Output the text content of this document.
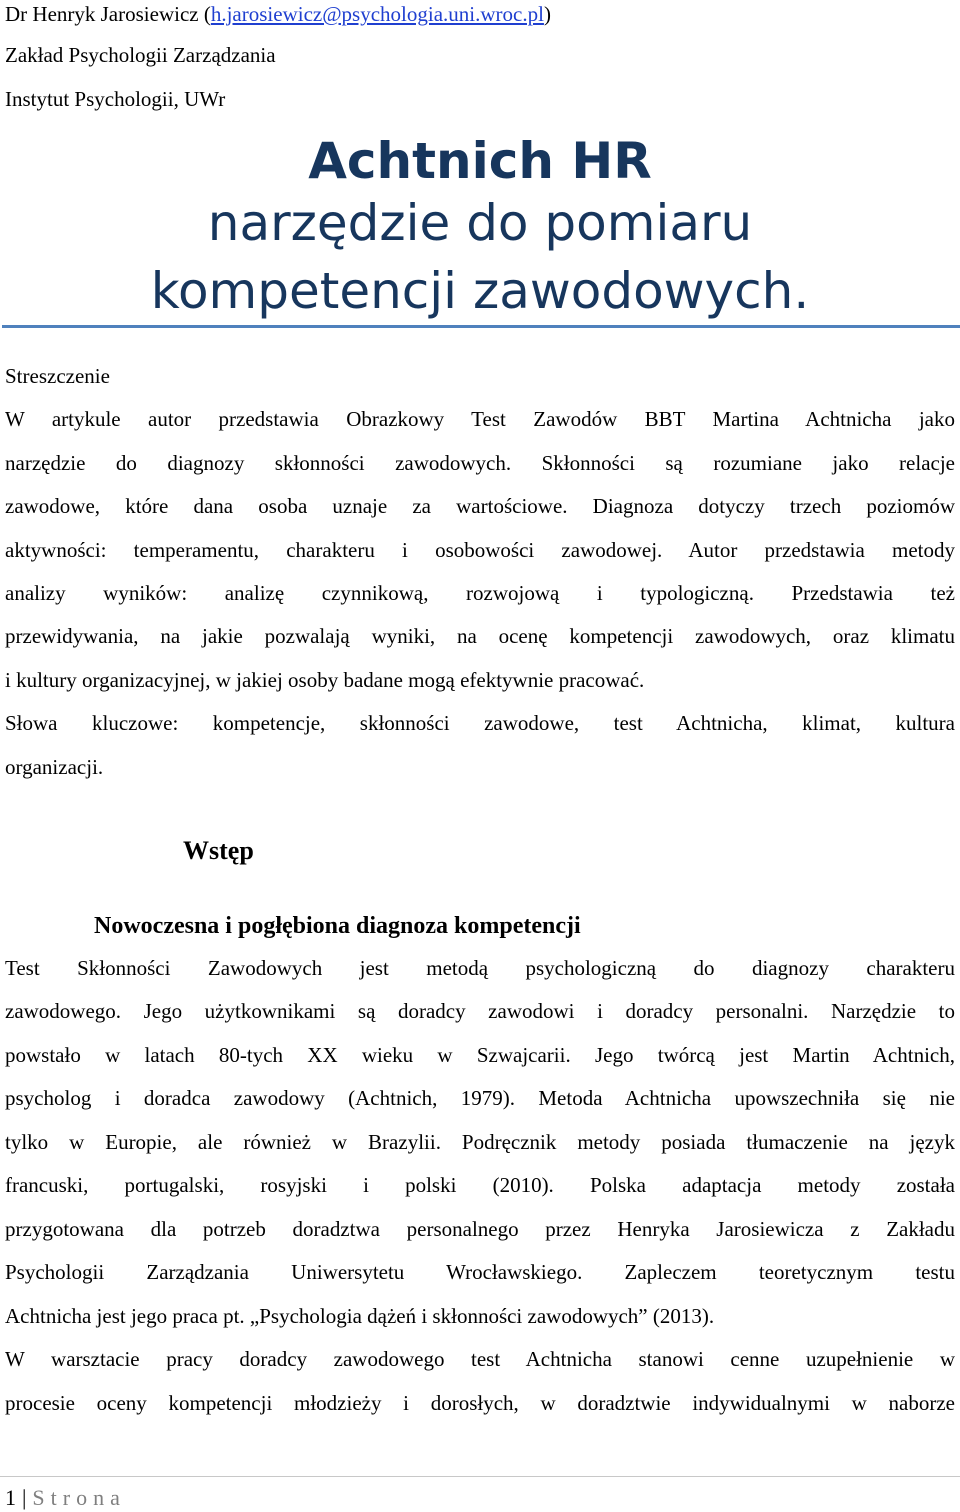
Dr Henryk Jarosiewicz (h.jarosiewicz@psychologia.uni.wroc.pl)
Zakład Psychologii Zarządzania
Instytut Psychologii, UWr
Achtnich HR
narzędzie do pomiaru
kompetencji zawodowych.
Streszczenie
W artykule autor przedstawia Obrazkowy Test Zawodów BBT Martina Achtnicha jako
narzędzie do diagnozy skłonności zawodowych. Skłonności są rozumiane jako relacje
zawodowe, które dana osoba uznaje za wartościowe. Diagnoza dotyczy trzech poziomów
aktywności: temperamentu, charakteru i osobowości zawodowej. Autor przedstawia metody
analizy wyników: analizę czynnikową, rozwojową i typologiczną. Przedstawia też
przewidywania, na jakie pozwalają wyniki, na ocenę kompetencji zawodowych, oraz klimatu
i kultury organizacyjnej, w jakiej osoby badane mogą efektywnie pracować.
Słowa kluczowe: kompetencje, skłonności zawodowe, test Achtnicha, klimat, kultura
organizacji.
Wstęp
Nowoczesna i pogłębiona diagnoza kompetencji
Test Skłonności Zawodowych jest metodą psychologiczną do diagnozy charakteru
zawodowego. Jego użytkownikami są doradcy zawodowi i doradcy personalni. Narzędzie to
powstało w latach 80-tych XX wieku w Szwajcarii. Jego twórcą jest Martin Achtnich,
psycholog i doradca zawodowy (Achtnich, 1979). Metoda Achtnicha upowszechniła się nie
tylko w Europie, ale również w Brazylii. Podręcznik metody posiada tłumaczenie na język
francuski, portugalski, rosyjski i polski (2010). Polska adaptacja metody została
przygotowana dla potrzeb doradztwa personalnego przez Henryka Jarosiewicza z Zakładu
Psychologii Zarządzania Uniwersytetu Wrocławskiego. Zapleczem teoretycznym testu
Achtnicha jest jego praca pt. „Psychologia dążeń i skłonności zawodowych” (2013).
W warsztacie pracy doradcy zawodowego test Achtnicha stanowi cenne uzupełnienie w
procesie oceny kompetencji młodzieży i dorosłych, w doradztwie indywidualnymi w naborze
1 | Strona
